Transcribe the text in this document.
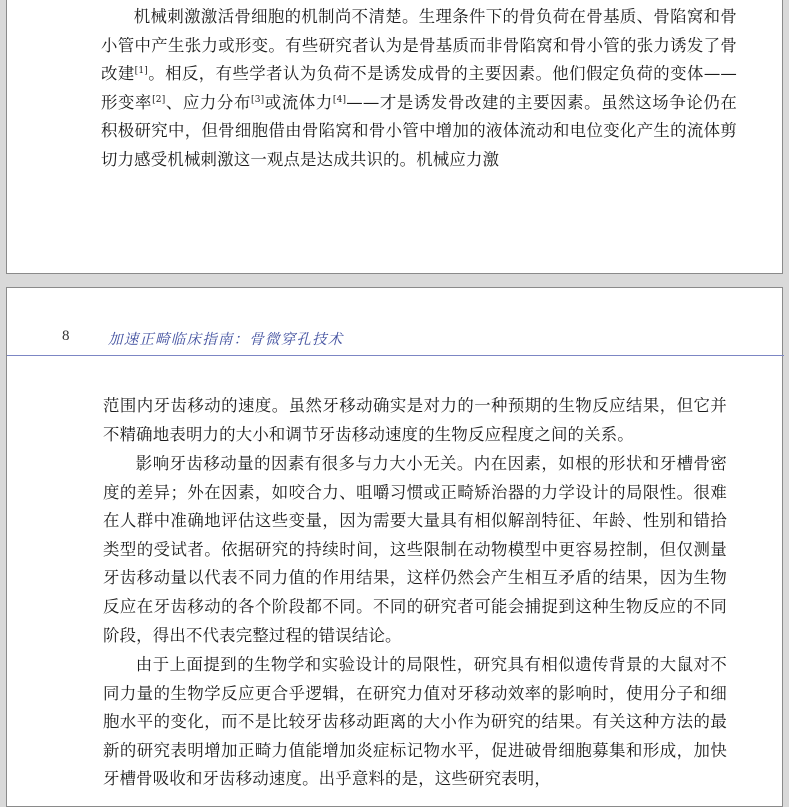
机械刺激激活骨细胞的机制尚不清楚。生理条件下的骨负荷在骨基质、骨陷窝和骨小管中产生张力或形变。有些研究者认为是骨基质而非骨陷窝和骨小管的张力诱发了骨改建[1]。相反，有些学者认为负荷不是诱发成骨的主要因素。他们假定负荷的变体——形变率[2]、应力分布[3]或流体力[4]——才是诱发骨改建的主要因素。虽然这场争论仍在积极研究中，但骨细胞借由骨陷窝和骨小管中增加的液体流动和电位变化产生的流体剪切力感受机械刺激这一观点是达成共识的。机械应力激

8	加速正畸临床指南：骨微穿孔技术

范围内牙齿移动的速度。虽然牙移动确实是对力的一种预期的生物反应结果，但它并不精确地表明力的大小和调节牙齿移动速度的生物反应程度之间的关系。

影响牙齿移动量的因素有很多与力大小无关。内在因素，如根的形状和牙槽骨密度的差异；外在因素，如咬合力、咀嚼习惯或正畸矫治器的力学设计的局限性。很难在人群中准确地评估这些变量，因为需要大量具有相似解剖特征、年龄、性别和错拾类型的受试者。依据研究的持续时间，这些限制在动物模型中更容易控制，但仅测量牙齿移动量以代表不同力值的作用结果，这样仍然会产生相互矛盾的结果，因为生物反应在牙齿移动的各个阶段都不同。不同的研究者可能会捕捉到这种生物反应的不同阶段，得出不代表完整过程的错误结论。

由于上面提到的生物学和实验设计的局限性，研究具有相似遗传背景的大鼠对不同力量的生物学反应更合乎逻辑，在研究力值对牙移动效率的影响时，使用分子和细胞水平的变化，而不是比较牙齿移动距离的大小作为研究的结果。有关这种方法的最新的研究表明增加正畸力值能增加炎症标记物水平，促进破骨细胞募集和形成，加快牙槽骨吸收和牙齿移动速度。出乎意料的是，这些研究表明，
